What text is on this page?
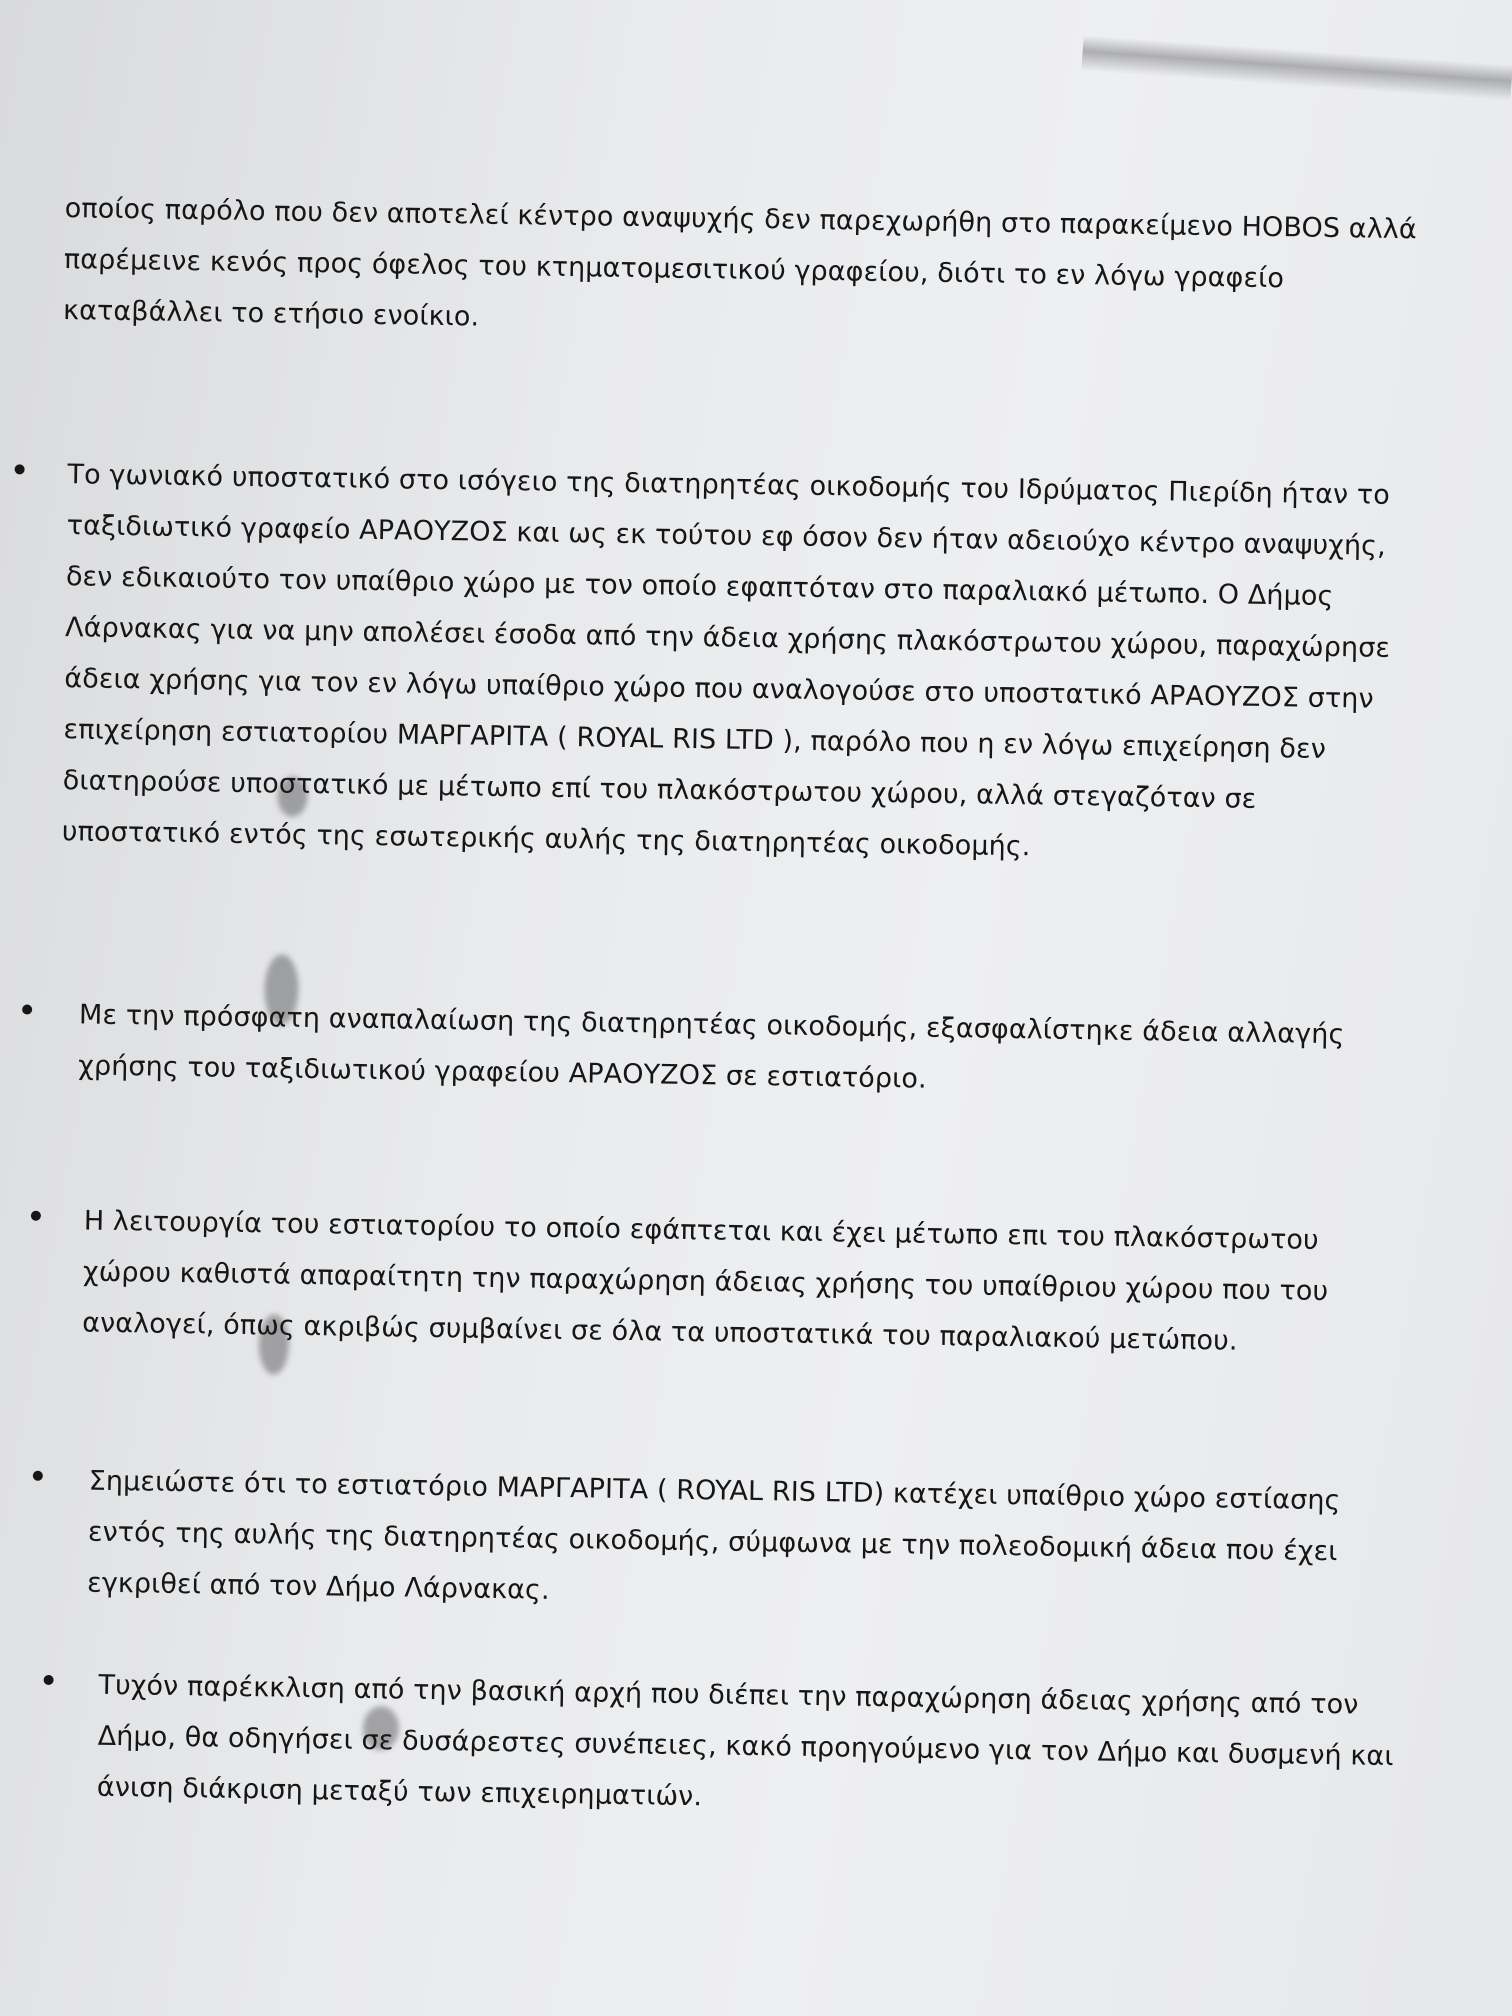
οποίος παρόλο που δεν αποτελεί κέντρο αναψυχής δεν παρεχωρήθη στο παρακείμενο HOBOS αλλά παρέμεινε κενός προς όφελος του κτηματομεσιτικού γραφείου, διότι το εν λόγω γραφείο καταβάλλει το ετήσιο ενοίκιο.

Το γωνιακό υποστατικό στο ισόγειο της διατηρητέας οικοδομής του Ιδρύματος Πιερίδη ήταν το ταξιδιωτικό γραφείο ΑΡΑΟΥΖΟΣ και ως εκ τούτου εφ όσον δεν ήταν αδειούχο κέντρο αναψυχής, δεν εδικαιούτο τον υπαίθριο χώρο με τον οποίο εφαπτόταν στο παραλιακό μέτωπο. Ο Δήμος Λάρνακας για να μην απολέσει έσοδα από την άδεια χρήσης πλακόστρωτου χώρου, παραχώρησε άδεια χρήσης για τον εν λόγω υπαίθριο χώρο που αναλογούσε στο υποστατικό ΑΡΑΟΥΖΟΣ στην επιχείρηση εστιατορίου ΜΑΡΓΑΡΙΤΑ ( ROYAL RIS LTD ), παρόλο που η εν λόγω επιχείρηση δεν διατηρούσε υποστατικό με μέτωπο επί του πλακόστρωτου χώρου, αλλά στεγαζόταν σε υποστατικό εντός της εσωτερικής αυλής της διατηρητέας οικοδομής.

Με την πρόσφατη αναπαλαίωση της διατηρητέας οικοδομής, εξασφαλίστηκε άδεια αλλαγής χρήσης του ταξιδιωτικού γραφείου ΑΡΑΟΥΖΟΣ σε εστιατόριο.

Η λειτουργία του εστιατορίου το οποίο εφάπτεται και έχει μέτωπο επι του πλακόστρωτου χώρου καθιστά απαραίτητη την παραχώρηση άδειας χρήσης του υπαίθριου χώρου που του αναλογεί, όπως ακριβώς συμβαίνει σε όλα τα υποστατικά του παραλιακού μετώπου.

Σημειώστε ότι το εστιατόριο ΜΑΡΓΑΡΙΤΑ ( ROYAL RIS LTD) κατέχει υπαίθριο χώρο εστίασης εντός της αυλής της διατηρητέας οικοδομής, σύμφωνα με την πολεοδομική άδεια που έχει εγκριθεί από τον Δήμο Λάρνακας.

Τυχόν παρέκκλιση από την βασική αρχή που διέπει την παραχώρηση άδειας χρήσης από τον Δήμο, θα οδηγήσει σε δυσάρεστες συνέπειες, κακό προηγούμενο για τον Δήμο και δυσμενή και άνιση διάκριση μεταξύ των επιχειρηματιών.
